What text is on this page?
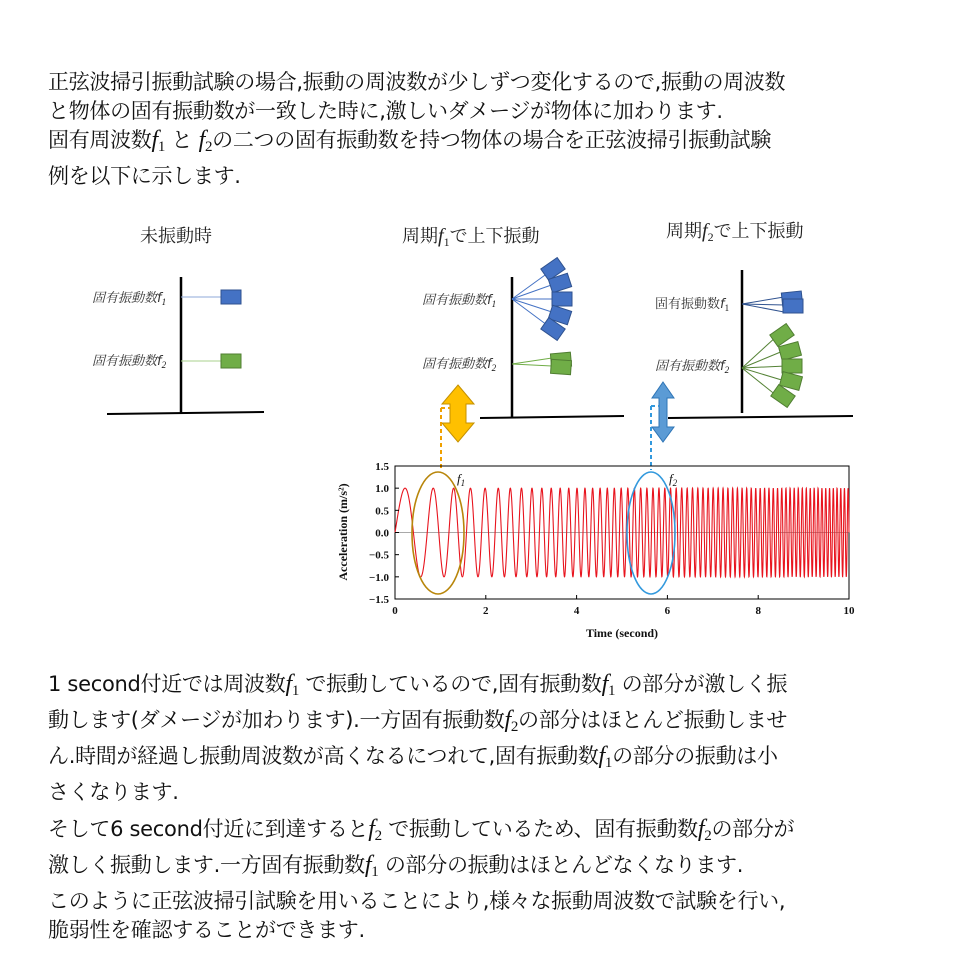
正弦波掃引振動試験の場合,振動の周波数が少しずつ変化するので,振動の周波数

と物体の固有振動数が一致した時に,激しいダメージが物体に加わります.

固有周波数$f_1$ と $f_2$の二つの固有振動数を持つ物体の場合を正弦波掃引振動試験

例を以下に示します.

未振動時
固有振動数$f_1$
固有振動数$f_2$
周期$f_1$で上下振動
固有振動数$f_1$
固有振動数$f_2$
周期$f_2$で上下振動
固有振動数$f_1$
固有振動数$f_2$
1.5
1.0
0.5
0.0
−0.5
−1.0
−1.5
0	2	4	6	8	10
Time (second)
Acceleration (m/s²)
$f_1$	$f_2$

1 second付近では周波数$f_1$ で振動しているので,固有振動数$f_1$ の部分が激しく振

動します(ダメージが加わります).一方固有振動数$f_2$の部分はほとんど振動しませ

ん.時間が経過し振動周波数が高くなるにつれて,固有振動数$f_1$の部分の振動は小

さくなります.

そして6 second付近に到達すると$f_2$ で振動しているため、固有振動数$f_2$の部分が

激しく振動します.一方固有振動数$f_1$ の部分の振動はほとんどなくなります.

このように正弦波掃引試験を用いることにより,様々な振動周波数で試験を行い,

脆弱性を確認することができます.
